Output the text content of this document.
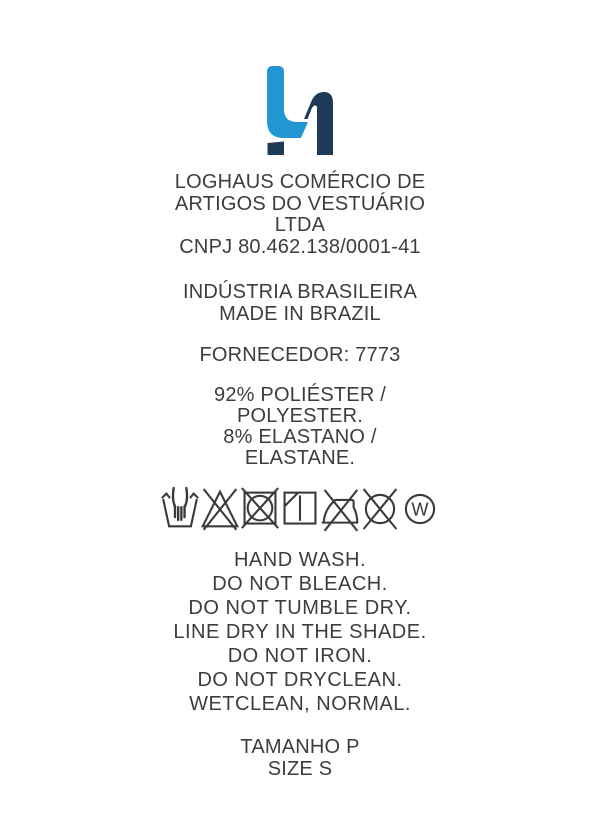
LOGHAUS COMÉRCIO DE
ARTIGOS DO VESTUÁRIO
LTDA
CNPJ 80.462.138/0001-41
INDÚSTRIA BRASILEIRA
MADE IN BRAZIL
FORNECEDOR: 7773
92% POLIÉSTER /
POLYESTER.
8% ELASTANO /
ELASTANE.
W
HAND WASH.
DO NOT BLEACH.
DO NOT TUMBLE DRY.
LINE DRY IN THE SHADE.
DO NOT IRON.
DO NOT DRYCLEAN.
WETCLEAN, NORMAL.
TAMANHO P
SIZE S
